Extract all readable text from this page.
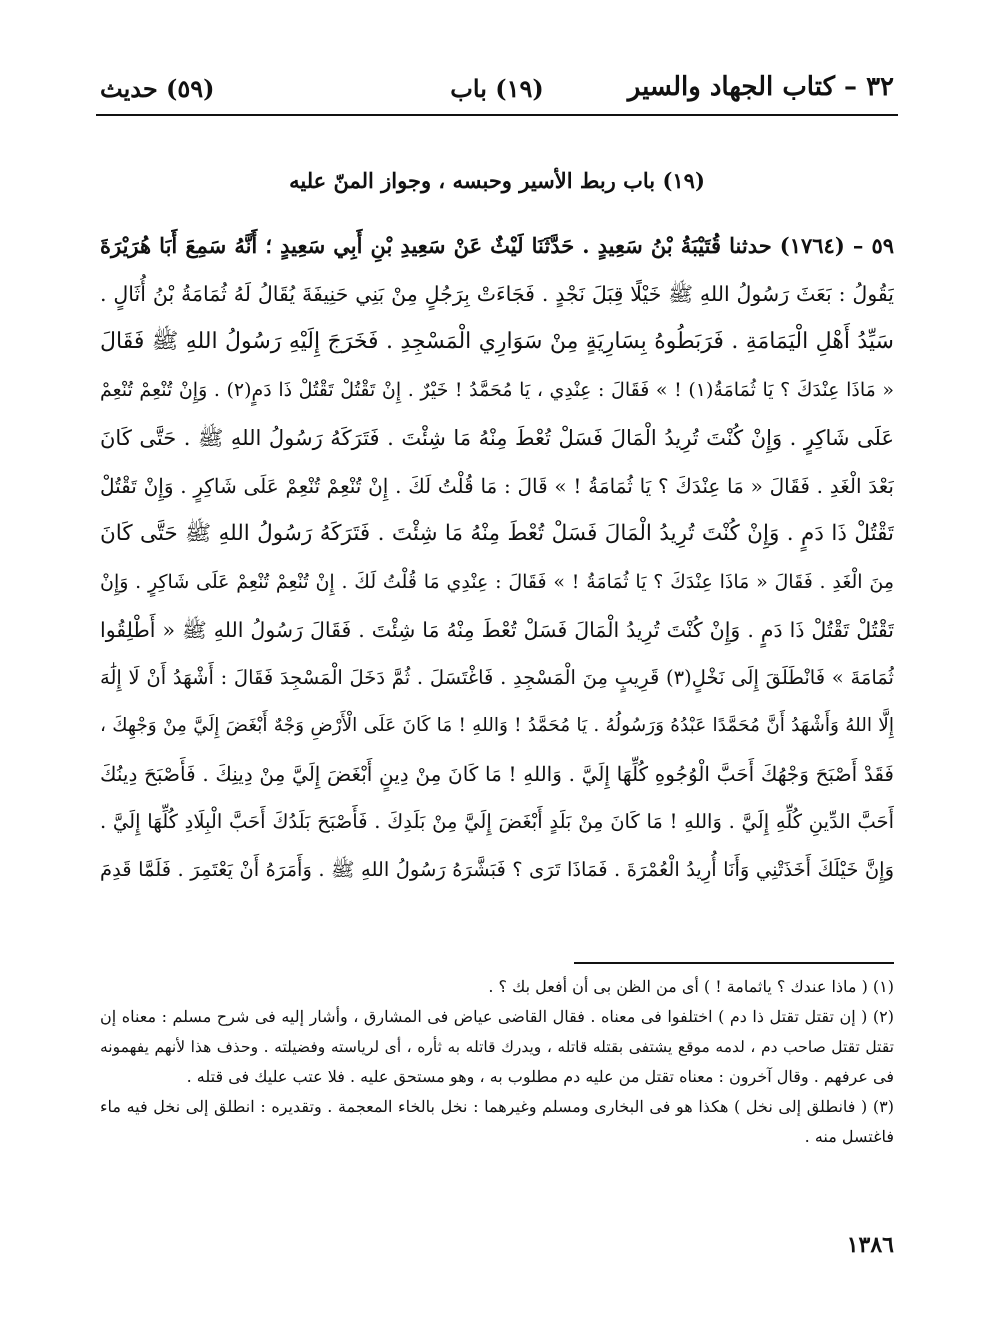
٣٢ – كتاب الجهاد والسير
(١٩) باب
(٥٩) حديث
(١٩) باب ربط الأسير وحبسه ، وجواز المنّ عليه
٥٩ – (١٧٦٤) حدثنا قُتَيْبَةُ بْنُ سَعِيدٍ . حَدَّثَنَا لَيْثٌ عَنْ سَعِيدِ بْنِ أَبِي سَعِيدٍ ؛ أَنَّهُ سَمِعَ أَبَا هُرَيْرَةَ
يَقُولُ : بَعَثَ رَسُولُ اللهِ ﷺ خَيْلًا قِبَلَ نَجْدٍ . فَجَاءَتْ بِرَجُلٍ مِنْ بَنِي حَنِيفَةَ يُقَالُ لَهُ ثُمَامَةُ بْنُ أُثَالٍ .
سَيِّدُ أَهْلِ الْيَمَامَةِ . فَرَبَطُوهُ بِسَارِيَةٍ مِنْ سَوَارِي الْمَسْجِدِ . فَخَرَجَ إِلَيْهِ رَسُولُ اللهِ ﷺ فَقَالَ
« مَاذَا عِنْدَكَ ؟ يَا ثُمَامَةُ(١) ! » فَقَالَ : عِنْدِي ، يَا مُحَمَّدُ ! خَيْرٌ . إِنْ تَقْتُلْ تَقْتُلْ ذَا دَمٍ(٢) . وَإِنْ تُنْعِمْ تُنْعِمْ
عَلَى شَاكِرٍ . وَإِنْ كُنْتَ تُرِيدُ الْمَالَ فَسَلْ تُعْطَ مِنْهُ مَا شِئْتَ . فَتَرَكَهُ رَسُولُ اللهِ ﷺ . حَتَّى كَانَ
بَعْدَ الْغَدِ . فَقَالَ « مَا عِنْدَكَ ؟ يَا ثُمَامَةُ ! » قَالَ : مَا قُلْتُ لَكَ . إِنْ تُنْعِمْ تُنْعِمْ عَلَى شَاكِرٍ . وَإِنْ تَقْتُلْ
تَقْتُلْ ذَا دَمٍ . وَإِنْ كُنْتَ تُرِيدُ الْمَالَ فَسَلْ تُعْطَ مِنْهُ مَا شِئْتَ . فَتَرَكَهُ رَسُولُ اللهِ ﷺ حَتَّى كَانَ
مِنَ الْغَدِ . فَقَالَ « مَاذَا عِنْدَكَ ؟ يَا ثُمَامَةُ ! » فَقَالَ : عِنْدِي مَا قُلْتُ لَكَ . إِنْ تُنْعِمْ تُنْعِمْ عَلَى شَاكِرٍ . وَإِنْ
تَقْتُلْ تَقْتُلْ ذَا دَمٍ . وَإِنْ كُنْتَ تُرِيدُ الْمَالَ فَسَلْ تُعْطَ مِنْهُ مَا شِئْتَ . فَقَالَ رَسُولُ اللهِ ﷺ « أَطْلِقُوا
ثُمَامَةَ » فَانْطَلَقَ إِلَى نَخْلٍ(٣) قَرِيبٍ مِنَ الْمَسْجِدِ . فَاغْتَسَلَ . ثُمَّ دَخَلَ الْمَسْجِدَ فَقَالَ : أَشْهَدُ أَنْ لَا إِلَٰهَ
إِلَّا اللهُ وَأَشْهَدُ أَنَّ مُحَمَّدًا عَبْدُهُ وَرَسُولُهُ . يَا مُحَمَّدُ ! وَاللهِ ! مَا كَانَ عَلَى الْأَرْضِ وَجْهٌ أَبْغَضَ إِلَيَّ مِنْ وَجْهِكَ ،
فَقَدْ أَصْبَحَ وَجْهُكَ أَحَبَّ الْوُجُوهِ كُلِّهَا إِلَيَّ . وَاللهِ ! مَا كَانَ مِنْ دِينٍ أَبْغَضَ إِلَيَّ مِنْ دِينِكَ . فَأَصْبَحَ دِينُكَ
أَحَبَّ الدِّينِ كُلِّهِ إِلَيَّ . وَاللهِ ! مَا كَانَ مِنْ بَلَدٍ أَبْغَضَ إِلَيَّ مِنْ بَلَدِكَ . فَأَصْبَحَ بَلَدُكَ أَحَبَّ الْبِلَادِ كُلِّهَا إِلَيَّ .
وَإِنَّ خَيْلَكَ أَخَذَتْنِي وَأَنَا أُرِيدُ الْعُمْرَةَ . فَمَاذَا تَرَى ؟ فَبَشَّرَهُ رَسُولُ اللهِ ﷺ . وَأَمَرَهُ أَنْ يَعْتَمِرَ . فَلَمَّا قَدِمَ
(١) ( ماذا عندك ؟ ياثمامة ! ) أى من الظن بى أن أفعل بك ؟ .
(٢) ( إن تقتل تقتل ذا دم ) اختلفوا فى معناه . فقال القاضى عياض فى المشارق ، وأشار إليه فى شرح مسلم : معناه إن
تقتل تقتل صاحب دم ، لدمه موقع يشتفى بقتله قاتله ، ويدرك قاتله به ثأره ، أى لرياسته وفضيلته . وحذف هذا لأنهم يفهمونه
فى عرفهم . وقال آخرون : معناه تقتل من عليه دم مطلوب به ، وهو مستحق عليه . فلا عتب عليك فى قتله .
(٣) ( فانطلق إلى نخل ) هكذا هو فى البخارى ومسلم وغيرهما : نخل بالخاء المعجمة . وتقديره : انطلق إلى نخل فيه ماء
فاغتسل منه .
١٣٨٦
